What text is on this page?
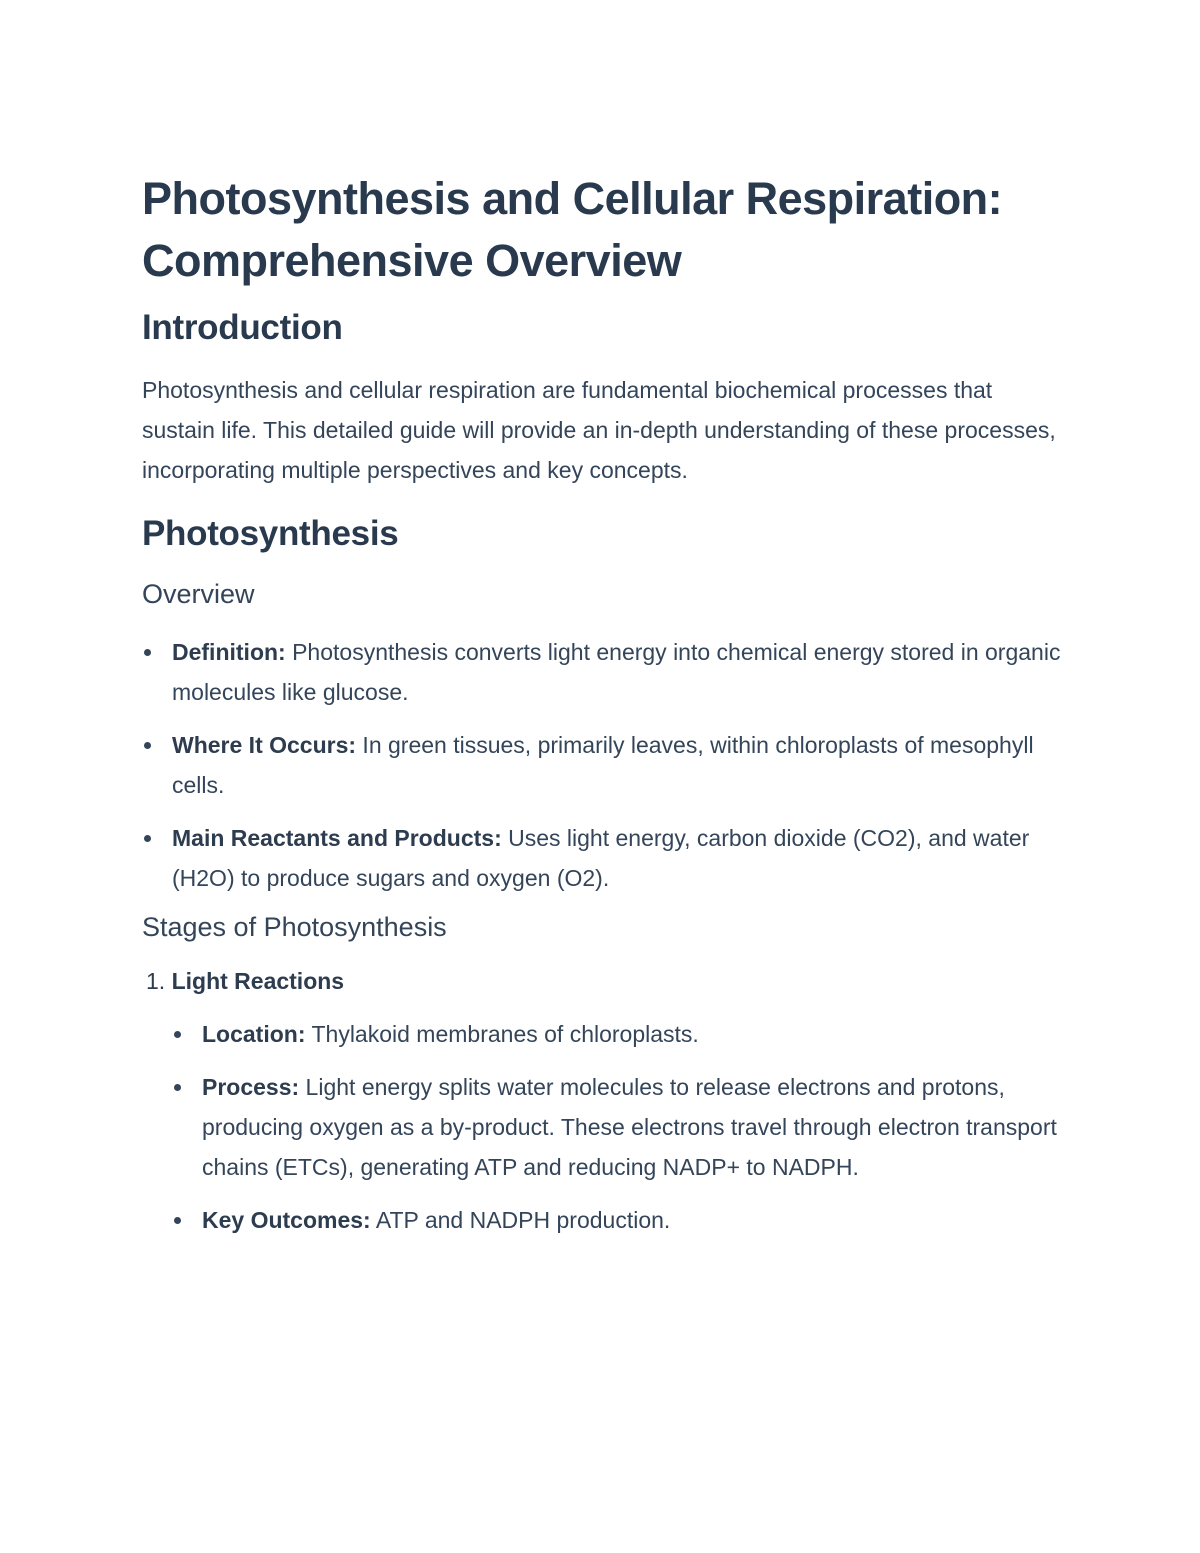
Photosynthesis and Cellular Respiration: Comprehensive Overview
Introduction

Photosynthesis and cellular respiration are fundamental biochemical processes that sustain life. This detailed guide will provide an in-depth understanding of these processes, incorporating multiple perspectives and key concepts.

Photosynthesis
Overview
Definition: Photosynthesis converts light energy into chemical energy stored in organic molecules like glucose.
Where It Occurs: In green tissues, primarily leaves, within chloroplasts of mesophyll cells.
Main Reactants and Products: Uses light energy, carbon dioxide (CO2), and water (H2O) to produce sugars and oxygen (O2).
Stages of Photosynthesis

1. Light Reactions

Location: Thylakoid membranes of chloroplasts.
Process: Light energy splits water molecules to release electrons and protons, producing oxygen as a by-product. These electrons travel through electron transport chains (ETCs), generating ATP and reducing NADP+ to NADPH.
Key Outcomes: ATP and NADPH production.
